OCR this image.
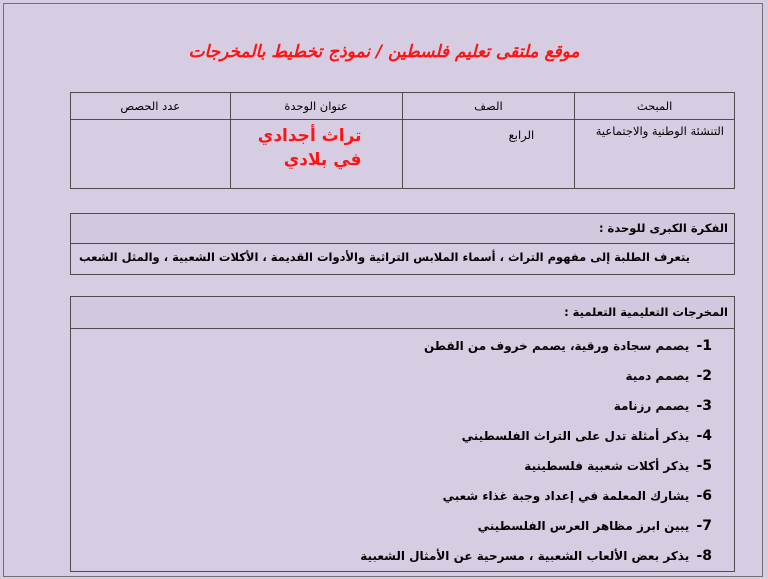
موقع ملتقى تعليم فلسطين / نموذج تخطيط بالمخرجات
المبحث	الصف	عنوان الوحدة	عدد الحصص
التنشئة الوطنية والاجتماعية	الرابع	تراث أجدادي
في بلادي	

الفكرة الكبرى للوحدة :
يتعرف الطلبة إلى مفهوم التراث ، أسماء الملابس التراثية والأدوات القديمة ، الأكلات الشعبية ، والمثل الشعب
المخرجات التعليمية التعلمية :
1- يصمم سجادة ورقية، يصمم خروف من القطن
2- يصمم دمية
3- يصمم رزنامة
4- يذكر أمثلة تدل على التراث الفلسطيني
5- يذكر أكلات شعبية فلسطينية
6- يشارك المعلمة في إعداد وجبة غذاء شعبي
7- يبين ابرز مظاهر العرس الفلسطيني
8- يذكر بعض الألعاب الشعبية ، مسرحية عن الأمثال الشعبية
